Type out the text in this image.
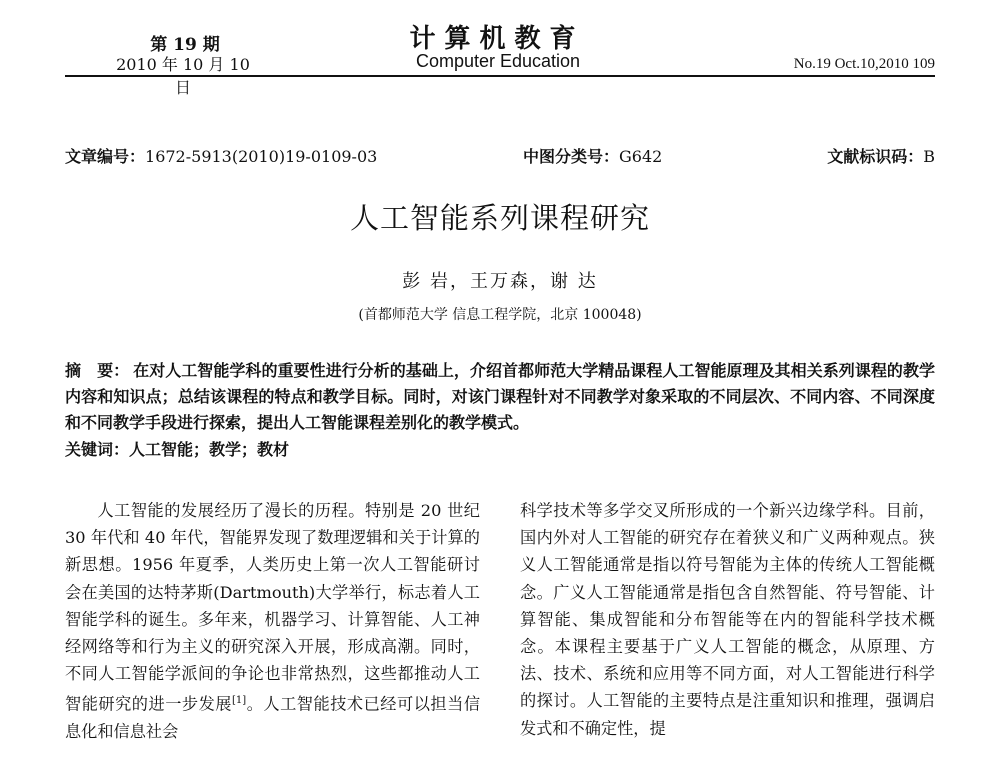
第 19 期
2010 年 10 月 10 日
计算机教育
Computer Education	No.19 Oct.10,2010 109
文章编号：1672-5913(2010)19-0109-03	中图分类号：G642	文献标识码：B
人工智能系列课程研究
彭 岩，王万森，谢 达
(首都师范大学 信息工程学院，北京 100048)
摘　要： 在对人工智能学科的重要性进行分析的基础上，介绍首都师范大学精品课程人工智能原理及其相关系列课程的教学内容和知识点；总结该课程的特点和教学目标。同时，对该门课程针对不同教学对象采取的不同层次、不同内容、不同深度和不同教学手段进行探索，提出人工智能课程差别化的教学模式。
关键词：人工智能；教学；教材

人工智能的发展经历了漫长的历程。特别是 20 世纪 30 年代和 40 年代，智能界发现了数理逻辑和关于计算的新思想。1956 年夏季，人类历史上第一次人工智能研讨会在美国的达特茅斯(Dartmouth)大学举行，标志着人工智能学科的诞生。多年来，机器学习、计算智能、人工神经网络等和行为主义的研究深入开展，形成高潮。同时，不同人工智能学派间的争论也非常热烈，这些都推动人工智能研究的进一步发展[1]。人工智能技术已经可以担当信息化和信息社会

科学技术等多学交叉所形成的一个新兴边缘学科。目前，国内外对人工智能的研究存在着狭义和广义两种观点。狭义人工智能通常是指以符号智能为主体的传统人工智能概念。广义人工智能通常是指包含自然智能、符号智能、计算智能、集成智能和分布智能等在内的智能科学技术概念。本课程主要基于广义人工智能的概念，从原理、方法、技术、系统和应用等不同方面，对人工智能进行科学的探讨。人工智能的主要特点是注重知识和推理，强调启发式和不确定性，提
